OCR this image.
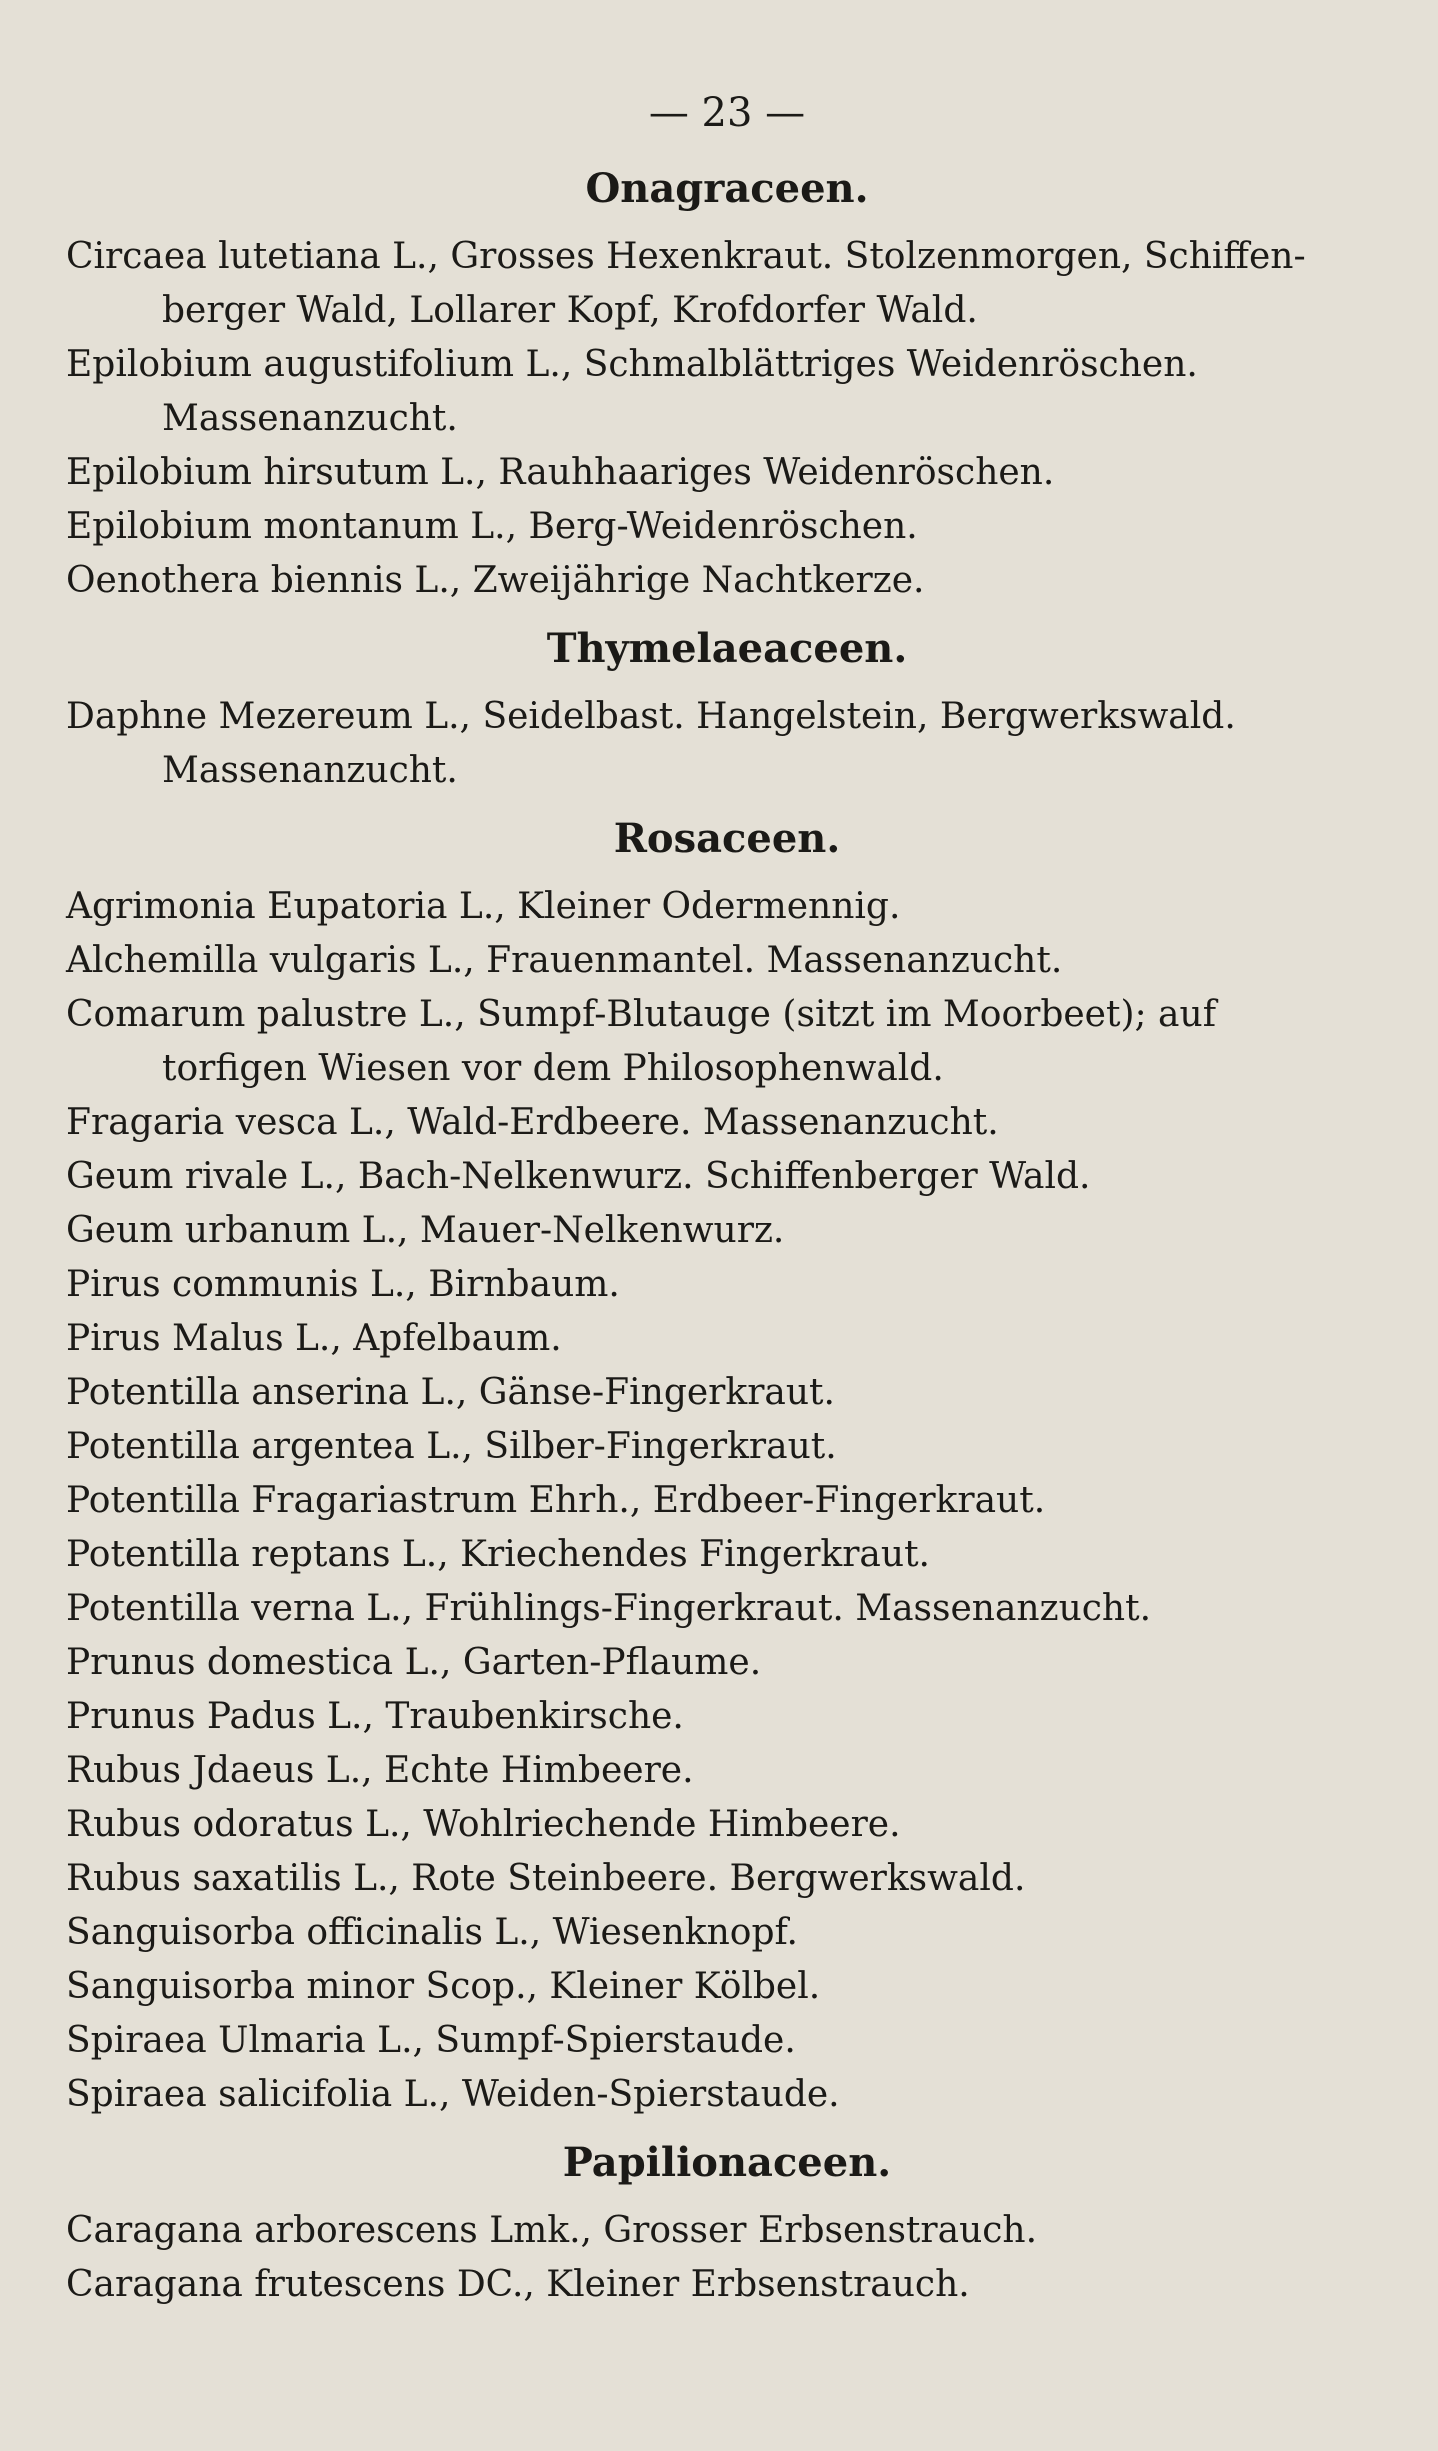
— 23 —
Onagraceen.

Circaea lutetiana L., Grosses Hexenkraut. Stolzenmorgen, Schiffen-
berger Wald, Lollarer Kopf, Krofdorfer Wald.

Epilobium augustifolium L., Schmalblättriges Weidenröschen.
Massenanzucht.

Epilobium hirsutum L., Rauhhaariges Weidenröschen.

Epilobium montanum L., Berg-Weidenröschen.

Oenothera biennis L., Zweijährige Nachtkerze.

Thymelaeaceen.

Daphne Mezereum L., Seidelbast. Hangelstein, Bergwerkswald.
Massenanzucht.

Rosaceen.

Agrimonia Eupatoria L., Kleiner Odermennig.

Alchemilla vulgaris L., Frauenmantel. Massenanzucht.

Comarum palustre L., Sumpf-Blutauge (sitzt im Moorbeet); auf
torfigen Wiesen vor dem Philosophenwald.

Fragaria vesca L., Wald-Erdbeere. Massenanzucht.

Geum rivale L., Bach-Nelkenwurz. Schiffenberger Wald.

Geum urbanum L., Mauer-Nelkenwurz.

Pirus communis L., Birnbaum.

Pirus Malus L., Apfelbaum.

Potentilla anserina L., Gänse-Fingerkraut.

Potentilla argentea L., Silber-Fingerkraut.

Potentilla Fragariastrum Ehrh., Erdbeer-Fingerkraut.

Potentilla reptans L., Kriechendes Fingerkraut.

Potentilla verna L., Frühlings-Fingerkraut. Massenanzucht.

Prunus domestica L., Garten-Pflaume.

Prunus Padus L., Traubenkirsche.

Rubus Jdaeus L., Echte Himbeere.

Rubus odoratus L., Wohlriechende Himbeere.

Rubus saxatilis L., Rote Steinbeere. Bergwerkswald.

Sanguisorba officinalis L., Wiesenknopf.

Sanguisorba minor Scop., Kleiner Kölbel.

Spiraea Ulmaria L., Sumpf-Spierstaude.

Spiraea salicifolia L., Weiden-Spierstaude.

Papilionaceen.

Caragana arborescens Lmk., Grosser Erbsenstrauch.

Caragana frutescens DC., Kleiner Erbsenstrauch.
